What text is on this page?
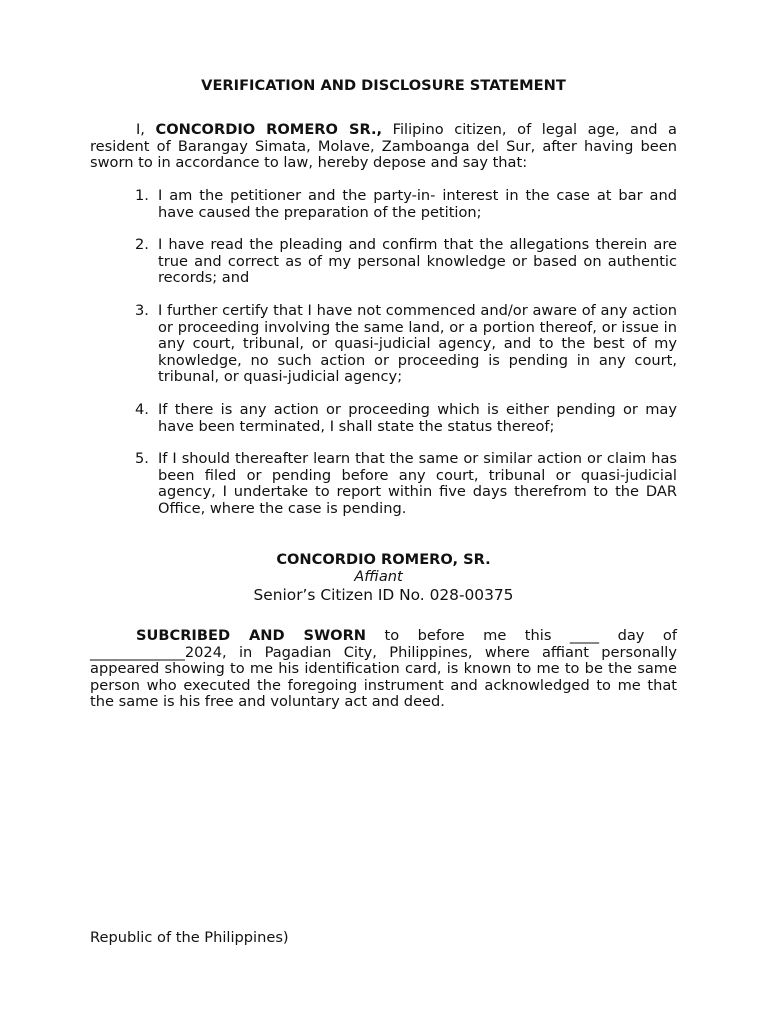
VERIFICATION AND DISCLOSURE STATEMENT

I, CONCORDIO ROMERO SR., Filipino citizen, of legal age, and a resident of Barangay Simata, Molave, Zamboanga del Sur, after having been sworn to in accordance to law, hereby depose and say that:

1. I am the petitioner and the party-in- interest in the case at bar and have caused the preparation of the petition;
2. I have read the pleading and confirm that the allegations therein are true and correct as of my personal knowledge or based on authentic records; and
3. I further certify that I have not commenced and/or aware of any action or proceeding involving the same land, or a portion thereof, or issue in any court, tribunal, or quasi-judicial agency, and to the best of my knowledge, no such action or proceeding is pending in any court, tribunal, or quasi-judicial agency;
4. If there is any action or proceeding which is either pending or may have been terminated, I shall state the status thereof;
5. If I should thereafter learn that the same or similar action or claim has been filed or pending before any court, tribunal or quasi-judicial agency, I undertake to report within five days therefrom to the DAR Office, where the case is pending.
CONCORDIO ROMERO, SR.
Affiant
Senior’s Citizen ID No. 028-00375

SUBCRIBED AND SWORN to before me this ____ day of _____________2024, in Pagadian City, Philippines, where affiant personally appeared showing to me his identification card, is known to me to be the same person who executed the foregoing instrument and acknowledged to me that the same is his free and voluntary act and deed.

Republic of the Philippines)
